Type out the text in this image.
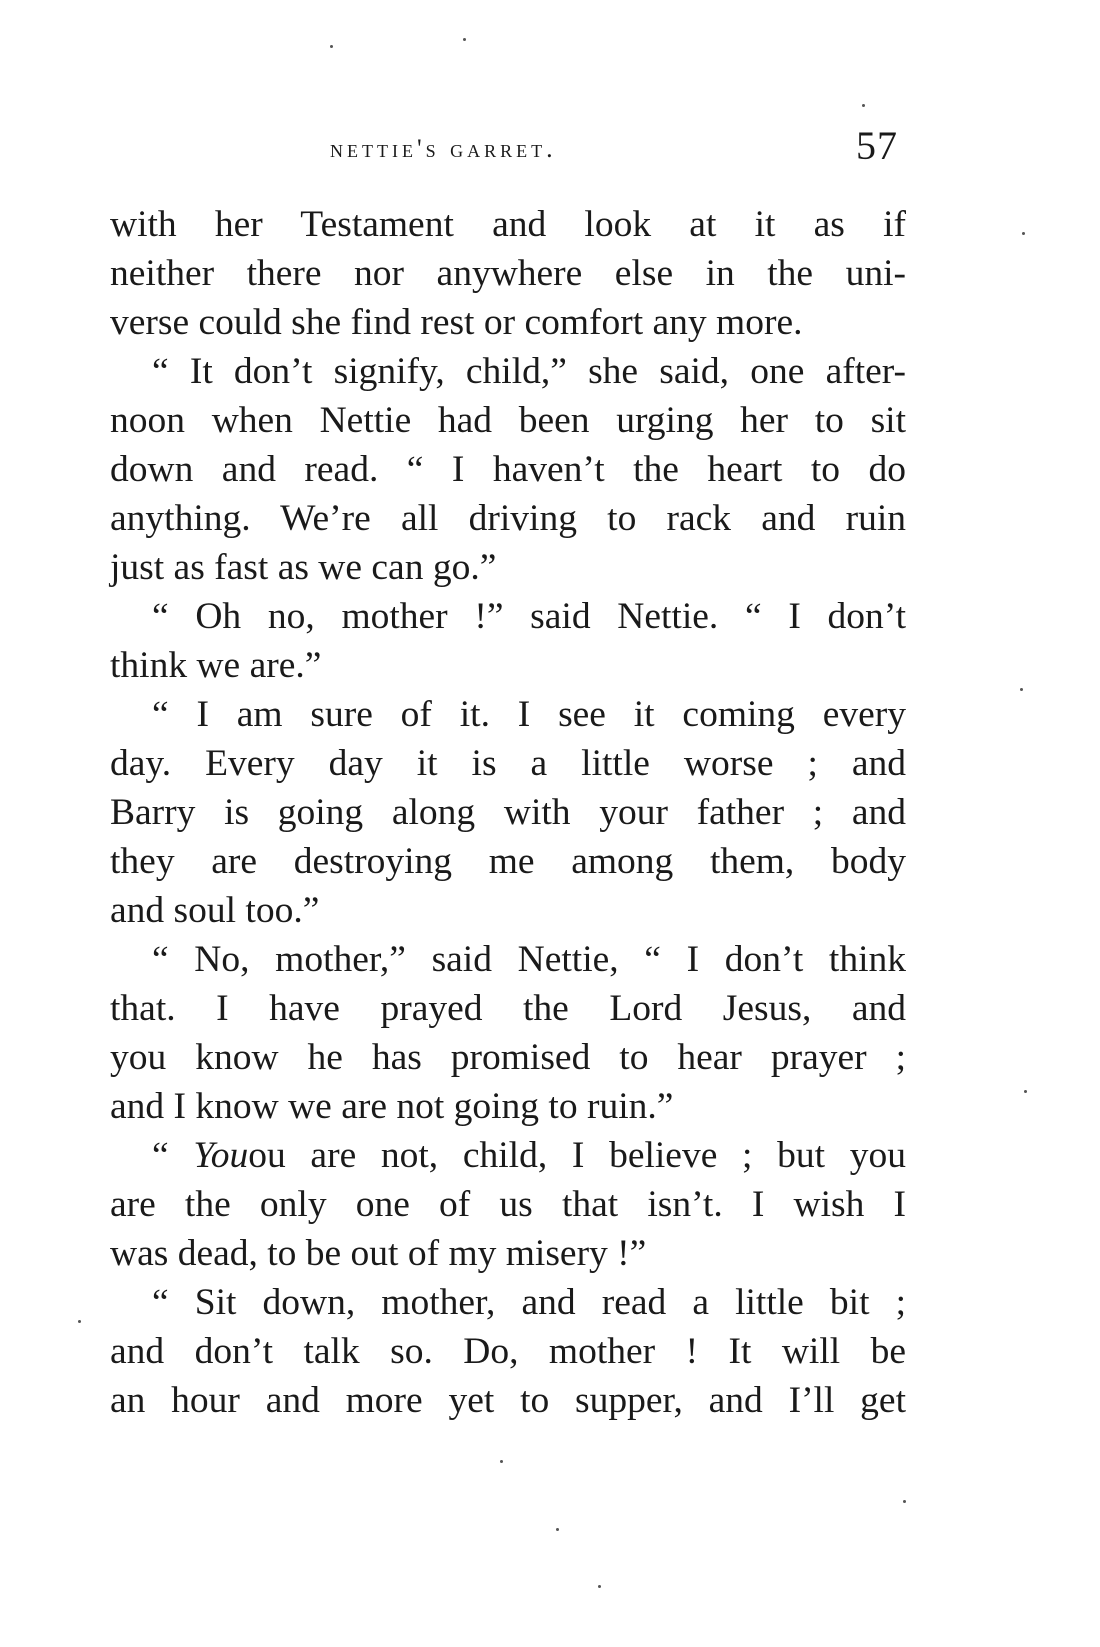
nettie's garret.	57
with her Testament and look at it as if
neither there nor anywhere else in the uni-
verse could she find rest or comfort any more.
“ It don’t signify, child,” she said, one after-
noon when Nettie had been urging her to sit
down and read. “ I haven’t the heart to do
anything. We’re all driving to rack and ruin
just as fast as we can go.”
“ Oh no, mother !” said Nettie. “ I don’t
think we are.”
“ I am sure of it. I see it coming every
day. Every day it is a little worse ; and
Barry is going along with your father ; and
they are destroying me among them, body
and soul too.”
“ No, mother,” said Nettie, “ I don’t think
that. I have prayed the Lord Jesus, and
you know he has promised to hear prayer ;
and I know we are not going to ruin.”
“ Youou are not, child, I believe ; but you
are the only one of us that isn’t. I wish I
was dead, to be out of my misery !”
“ Sit down, mother, and read a little bit ;
and don’t talk so. Do, mother ! It will be
an hour and more yet to supper, and I’ll get
